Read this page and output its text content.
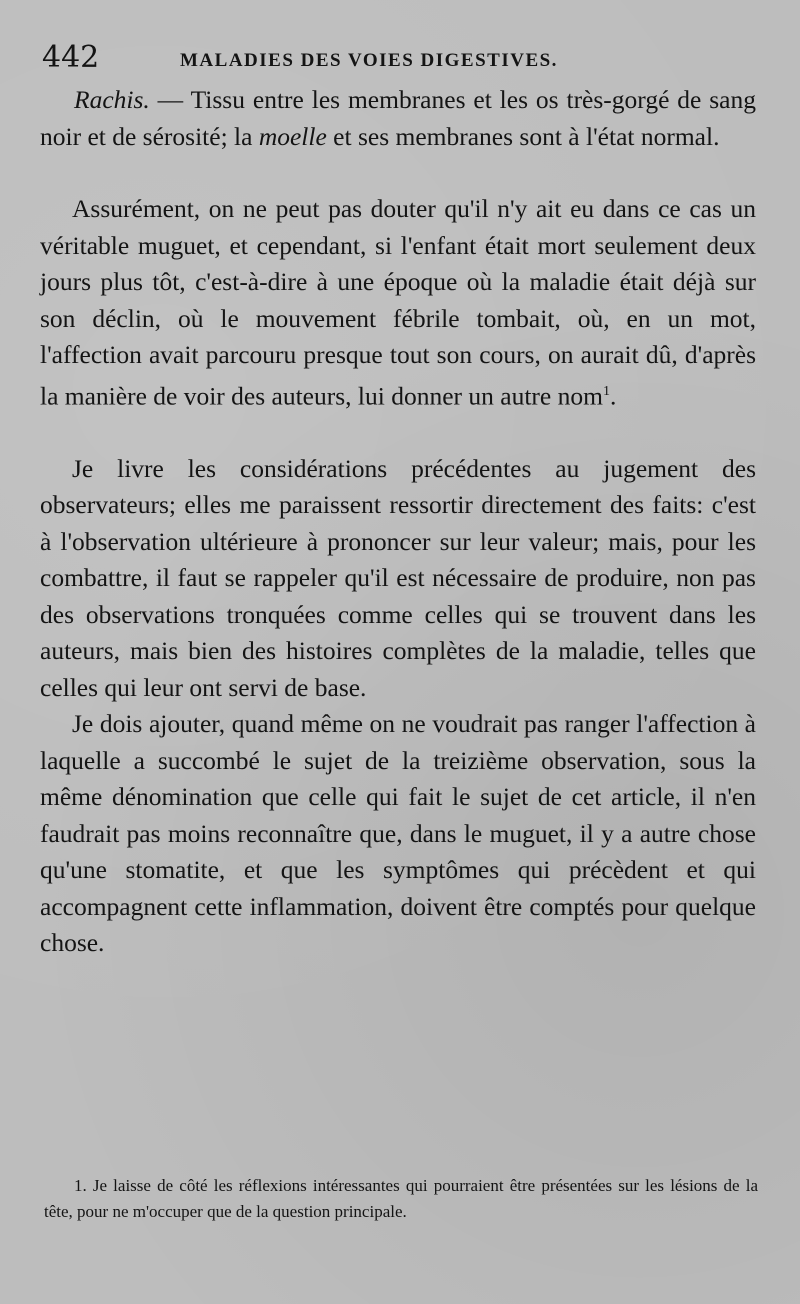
442	MALADIES DES VOIES DIGESTIVES.

Rachis. — Tissu entre les membranes et les os très-gorgé de sang noir et de sérosité; la moelle et ses membranes sont à l'état normal.

Assurément, on ne peut pas douter qu'il n'y ait eu dans ce cas un véritable muguet, et cependant, si l'enfant était mort seulement deux jours plus tôt, c'est-à-dire à une époque où la maladie était déjà sur son déclin, où le mouvement fébrile tombait, où, en un mot, l'affection avait parcouru presque tout son cours, on aurait dû, d'après la manière de voir des auteurs, lui donner un autre nom$^1$.

Je livre les considérations précédentes au jugement des observateurs; elles me paraissent ressortir directement des faits: c'est à l'observation ultérieure à prononcer sur leur valeur; mais, pour les combattre, il faut se rappeler qu'il est nécessaire de produire, non pas des observations tronquées comme celles qui se trouvent dans les auteurs, mais bien des histoires complètes de la maladie, telles que celles qui leur ont servi de base.

Je dois ajouter, quand même on ne voudrait pas ranger l'affection à laquelle a succombé le sujet de la treizième observation, sous la même dénomination que celle qui fait le sujet de cet article, il n'en faudrait pas moins reconnaître que, dans le muguet, il y a autre chose qu'une stomatite, et que les symptômes qui précèdent et qui accompagnent cette inflammation, doivent être comptés pour quelque chose.

1. Je laisse de côté les réflexions intéressantes qui pourraient être présentées sur les lésions de la tête, pour ne m'occuper que de la question principale.
